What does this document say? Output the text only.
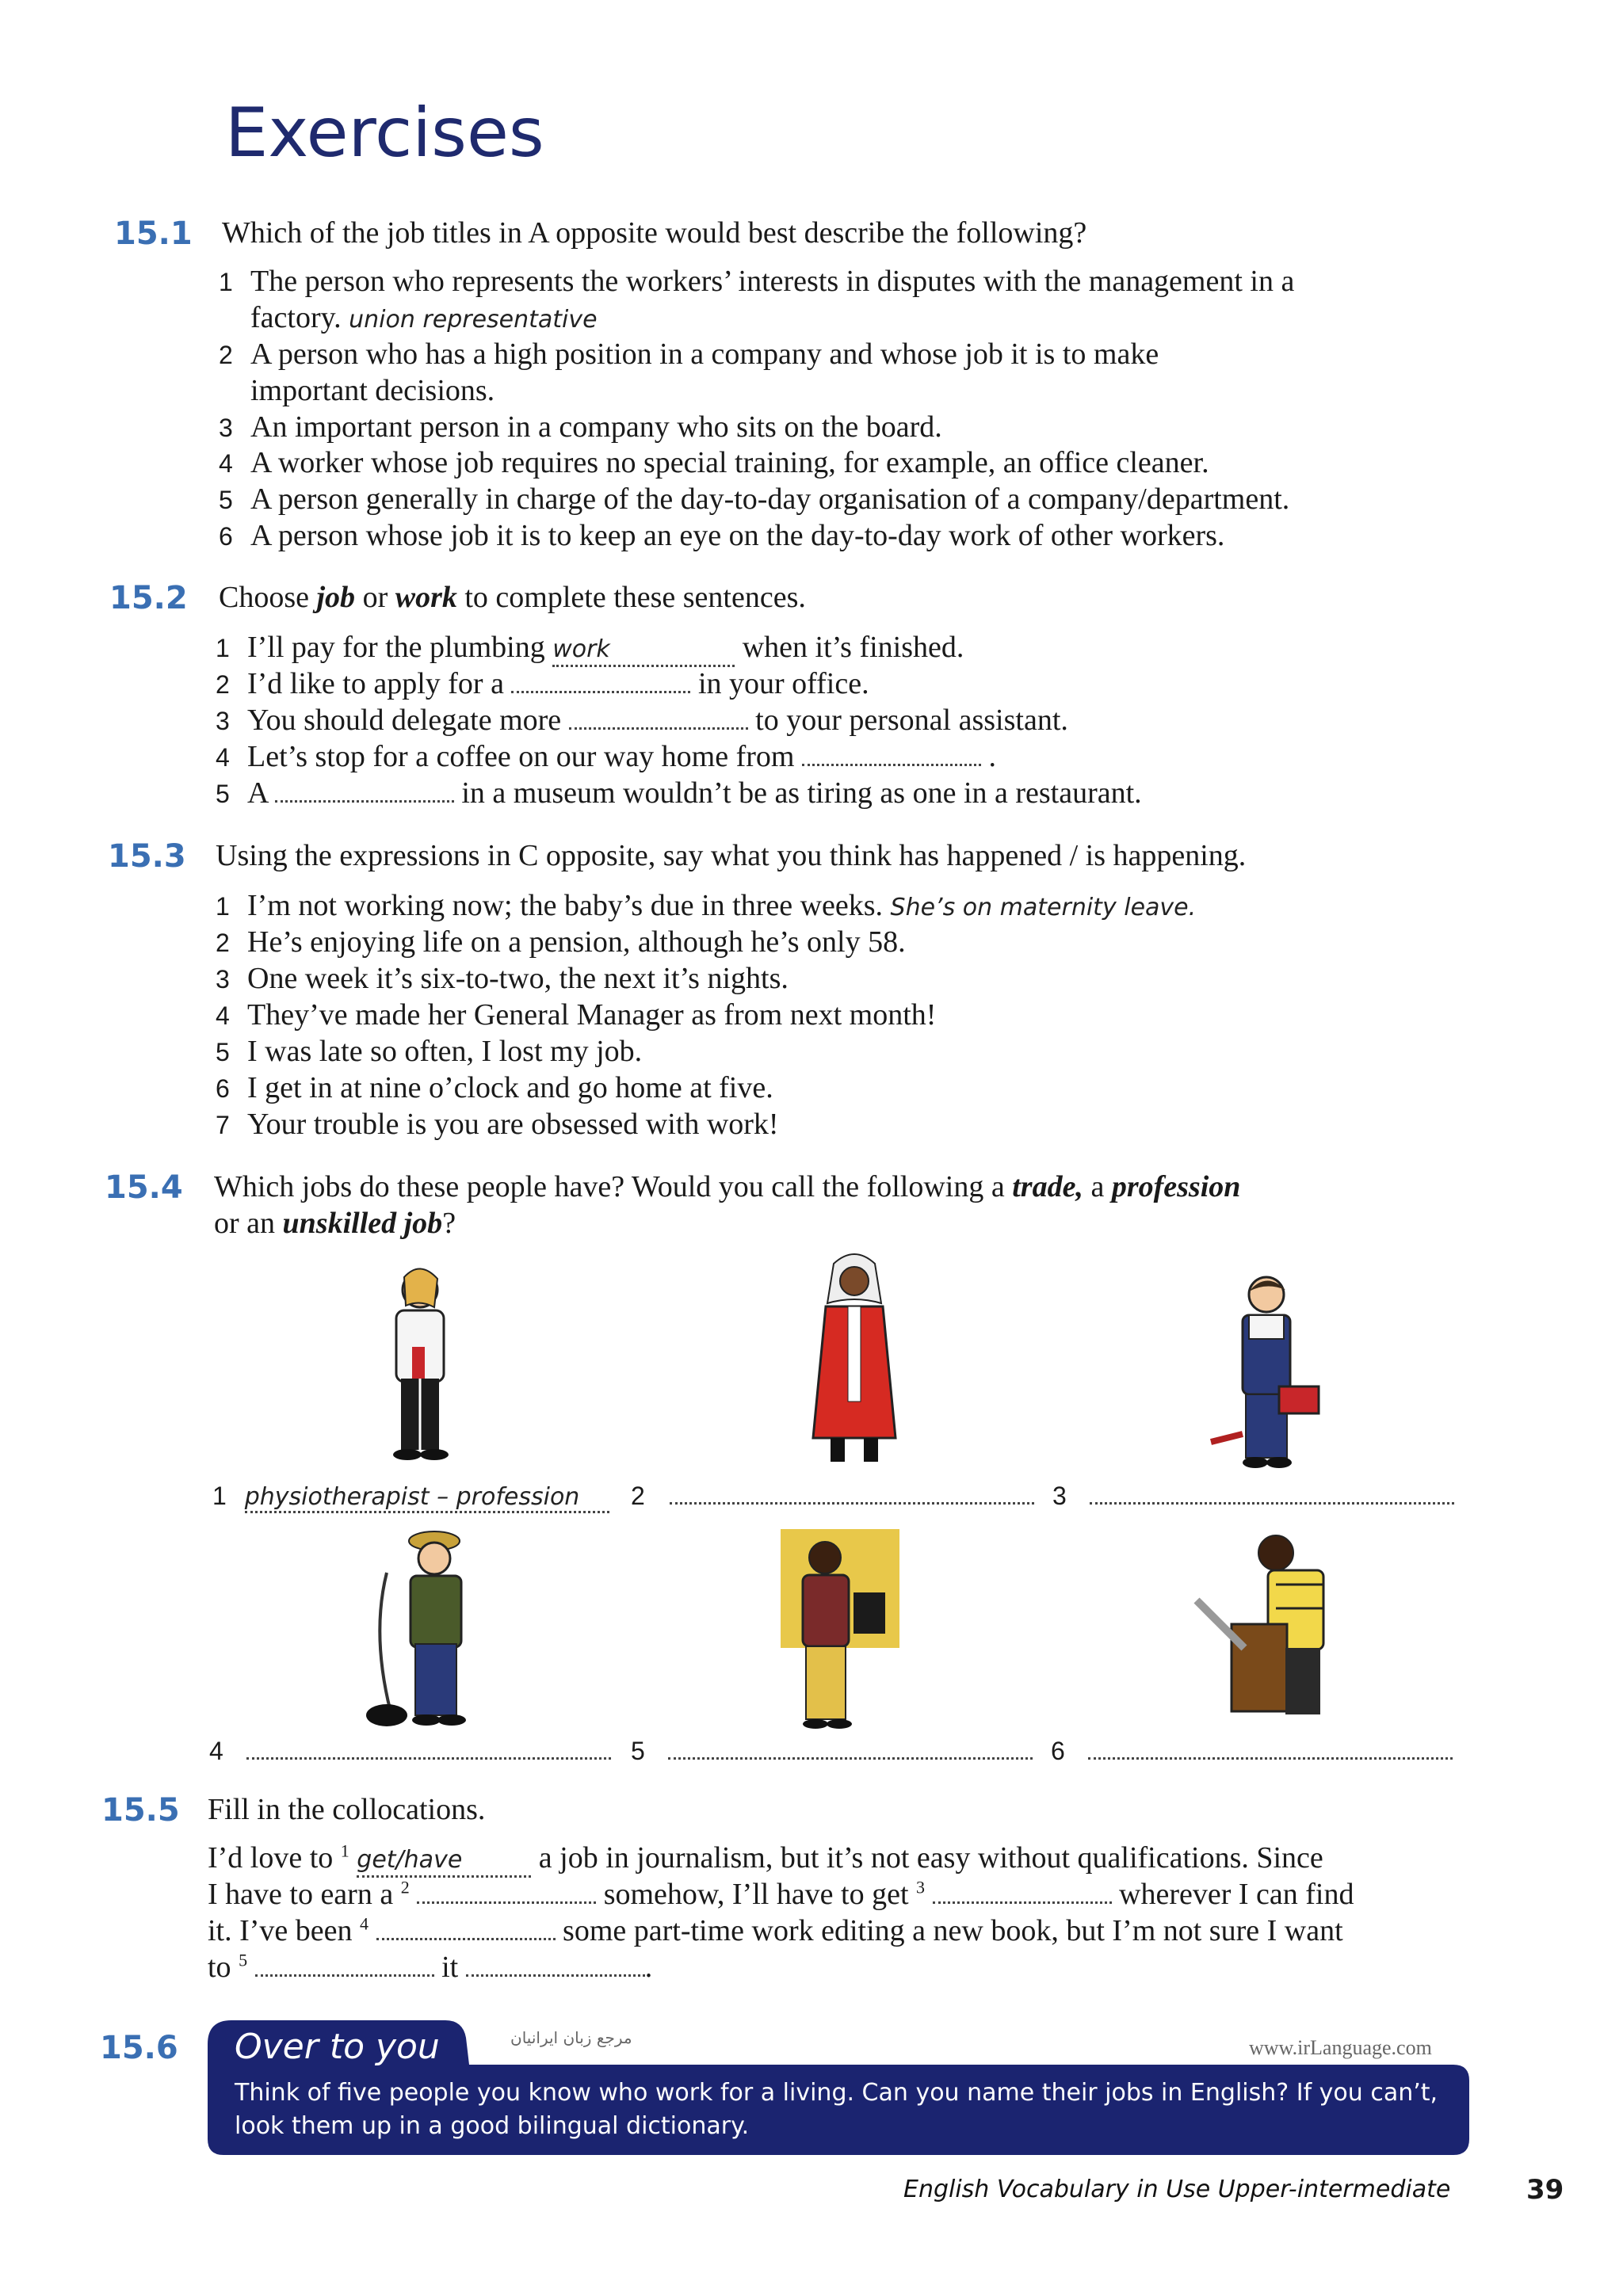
Exercises
15.1 Which of the job titles in A opposite would best describe the following?
1 The person who represents the workers’ interests in disputes with the management in a
factory. union representative
2 A person who has a high position in a company and whose job it is to make
important decisions.
3 An important person in a company who sits on the board.
4 A worker whose job requires no special training, for example, an office cleaner.
5 A person generally in charge of the day-to-day organisation of a company/department.
6 A person whose job it is to keep an eye on the day-to-day work of other workers.
15.2 Choose job or work to complete these sentences.
1 I’ll pay for the plumbing work	when it’s finished.
2 I’d like to apply for a	in your office.
3 You should delegate more	to your personal assistant.
4 Let’s stop for a coffee on our way home from	.
5 A	in a museum wouldn’t be as tiring as one in a restaurant.
15.3 Using the expressions in C opposite, say what you think has happened / is happening.
1 I’m not working now; the baby’s due in three weeks. She’s on maternity leave.
2 He’s enjoying life on a pension, although he’s only 58.
3 One week it’s six-to-two, the next it’s nights.
4 They’ve made her General Manager as from next month!
5 I was late so often, I lost my job.
6 I get in at nine o’clock and go home at five.
7 Your trouble is you are obsessed with work!
15.4 Which jobs do these people have? Would you call the following a trade, a profession
or an unskilled job?
1 physiotherapist – profession	2	3
4	5	6
15.5 Fill in the collocations.
I’d love to $^1$ get/have a job in journalism, but it’s not easy without qualifications. Since
I have to earn a $^2$	somehow, I’ll have to get $^3$	wherever I can find
it. I’ve been $^4$	some part-time work editing a new book, but I’m not sure I want
to $^5$	it	.
15.6 Over to you	مرجع زبان ایرانیان	www.irLanguage.com
Think of five people you know who work for a living. Can you name their jobs in English? If you can’t,
look them up in a good bilingual dictionary.
English Vocabulary in Use Upper-intermediate	39
